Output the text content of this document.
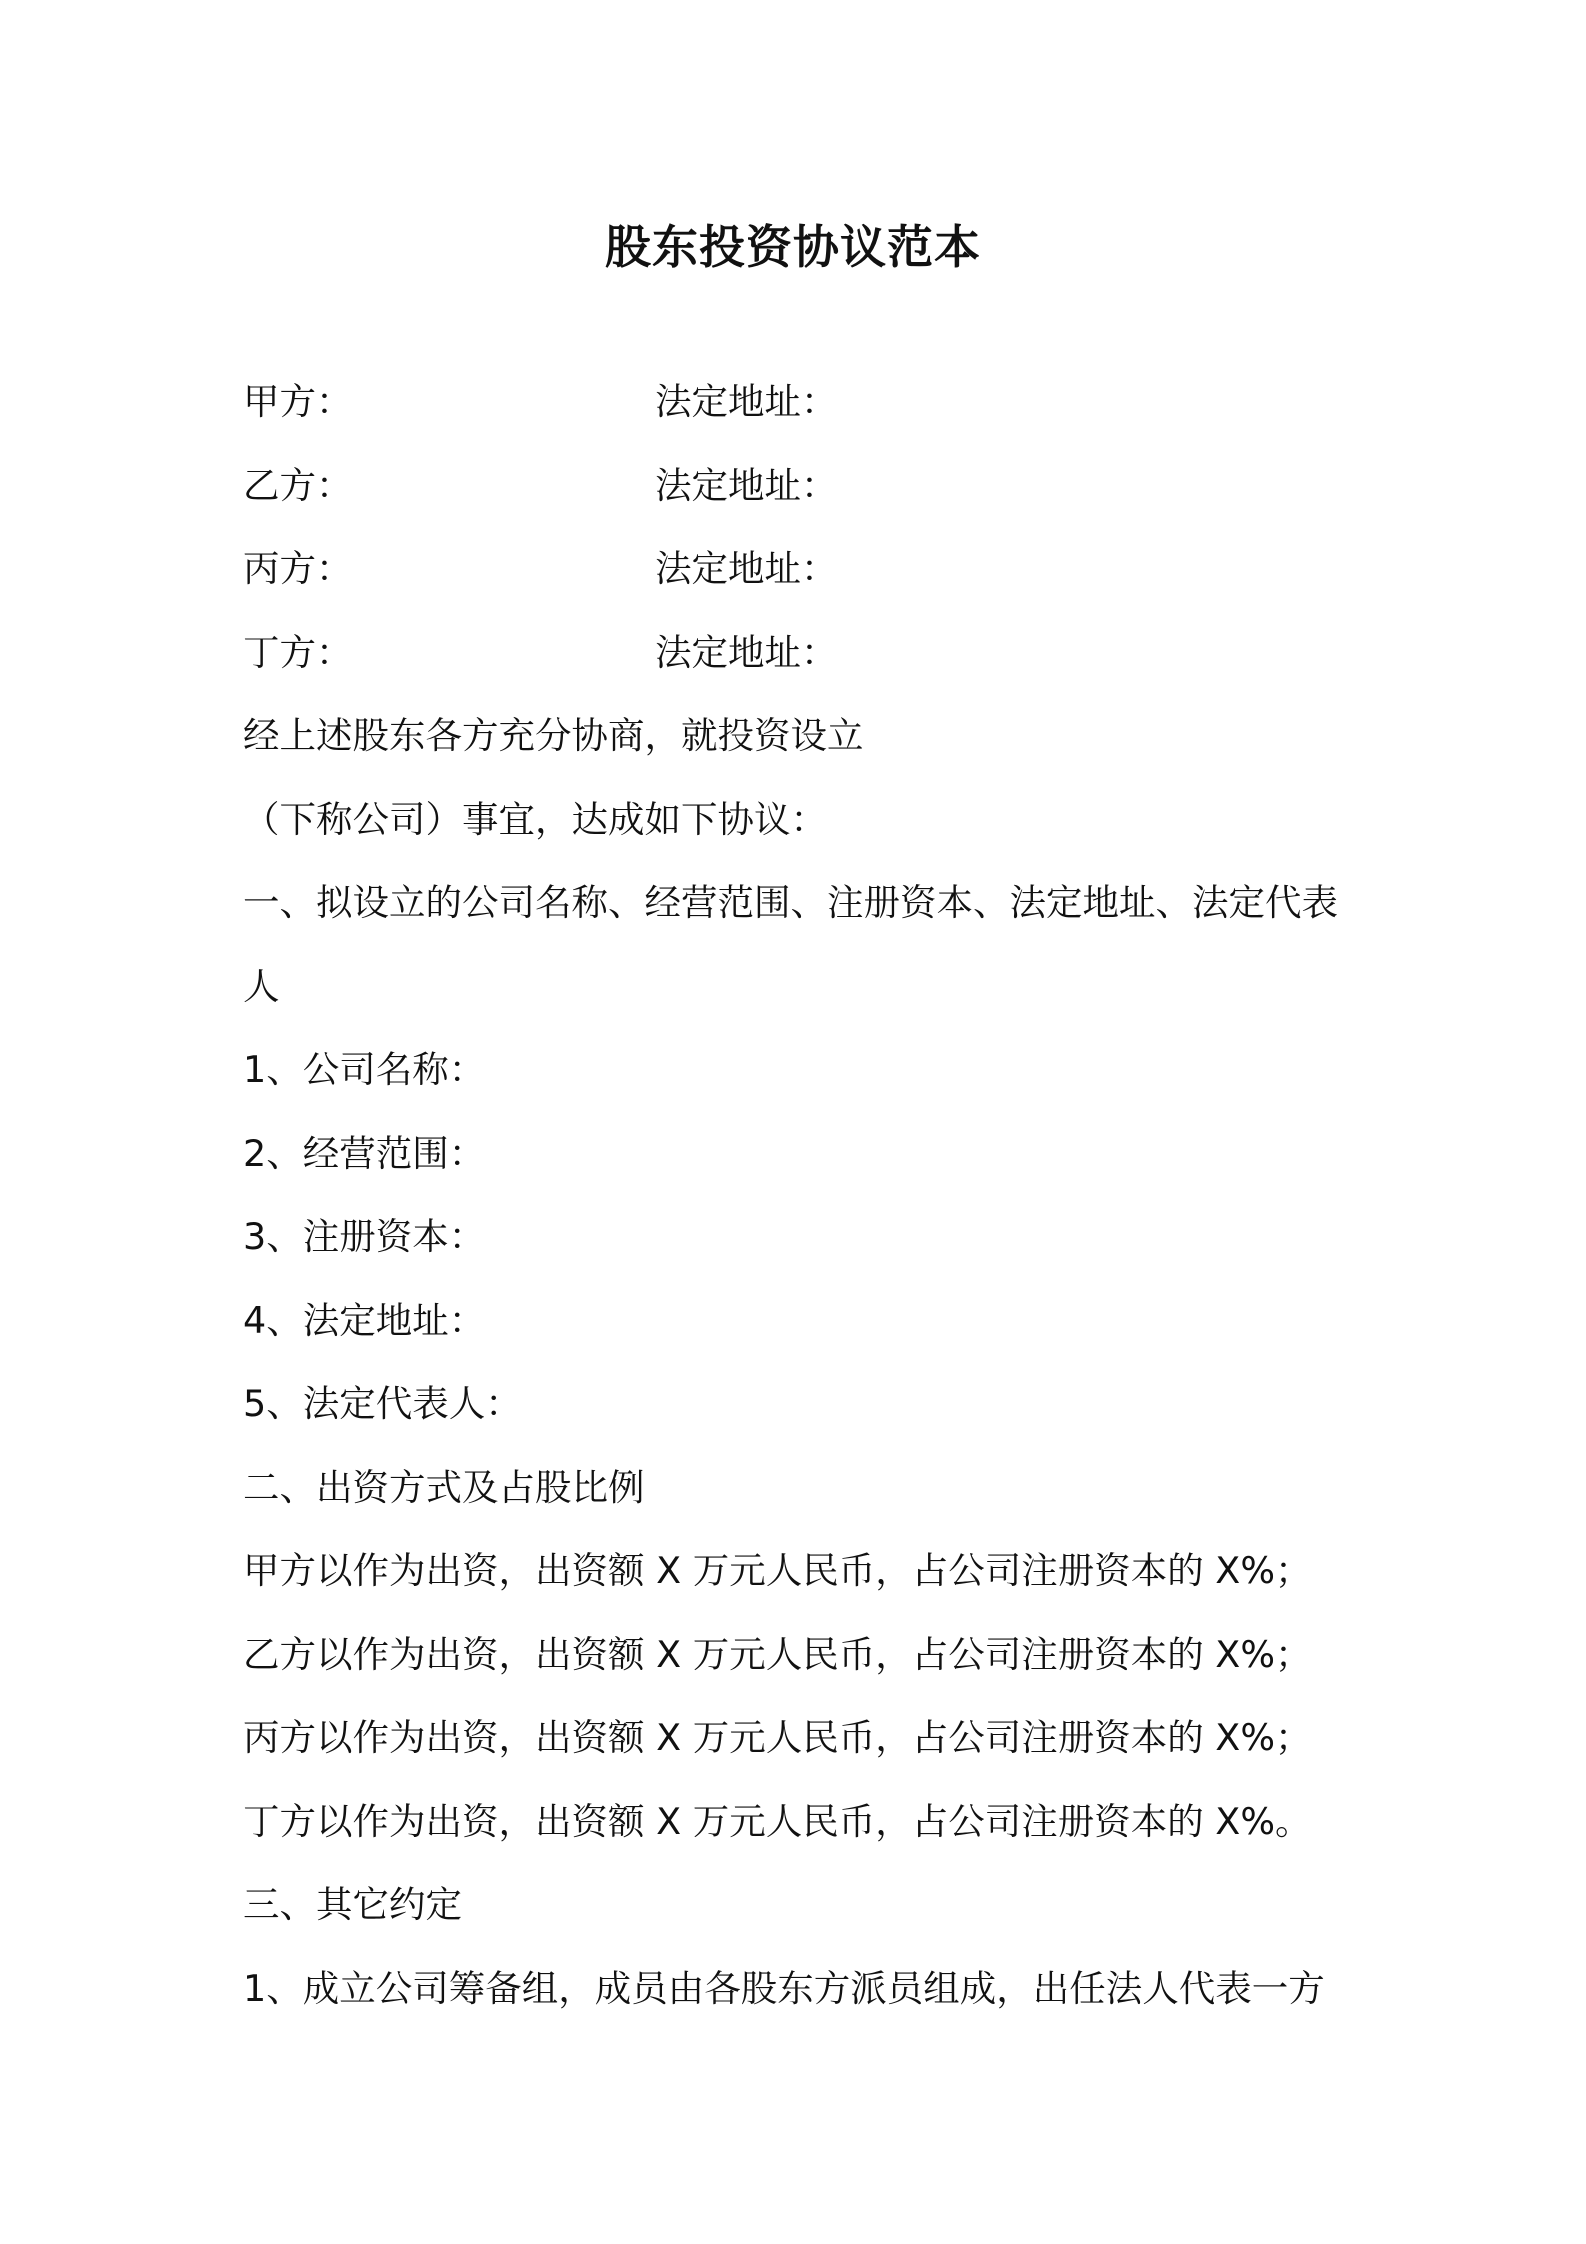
股东投资协议范本
甲方：	法定地址：
乙方：	法定地址：
丙方：	法定地址：
丁方：	法定地址：
经上述股东各方充分协商，就投资设立
（下称公司）事宜，达成如下协议：
一、拟设立的公司名称、经营范围、注册资本、法定地址、法定代表
人
1、公司名称：
2、经营范围：
3、注册资本：
4、法定地址：
5、法定代表人：
二、出资方式及占股比例
甲方以作为出资，出资额 X 万元人民币，占公司注册资本的 X%；
乙方以作为出资，出资额 X 万元人民币，占公司注册资本的 X%；
丙方以作为出资，出资额 X 万元人民币，占公司注册资本的 X%；
丁方以作为出资，出资额 X 万元人民币，占公司注册资本的 X%。
三、其它约定
1、成立公司筹备组，成员由各股东方派员组成，出任法人代表一方
